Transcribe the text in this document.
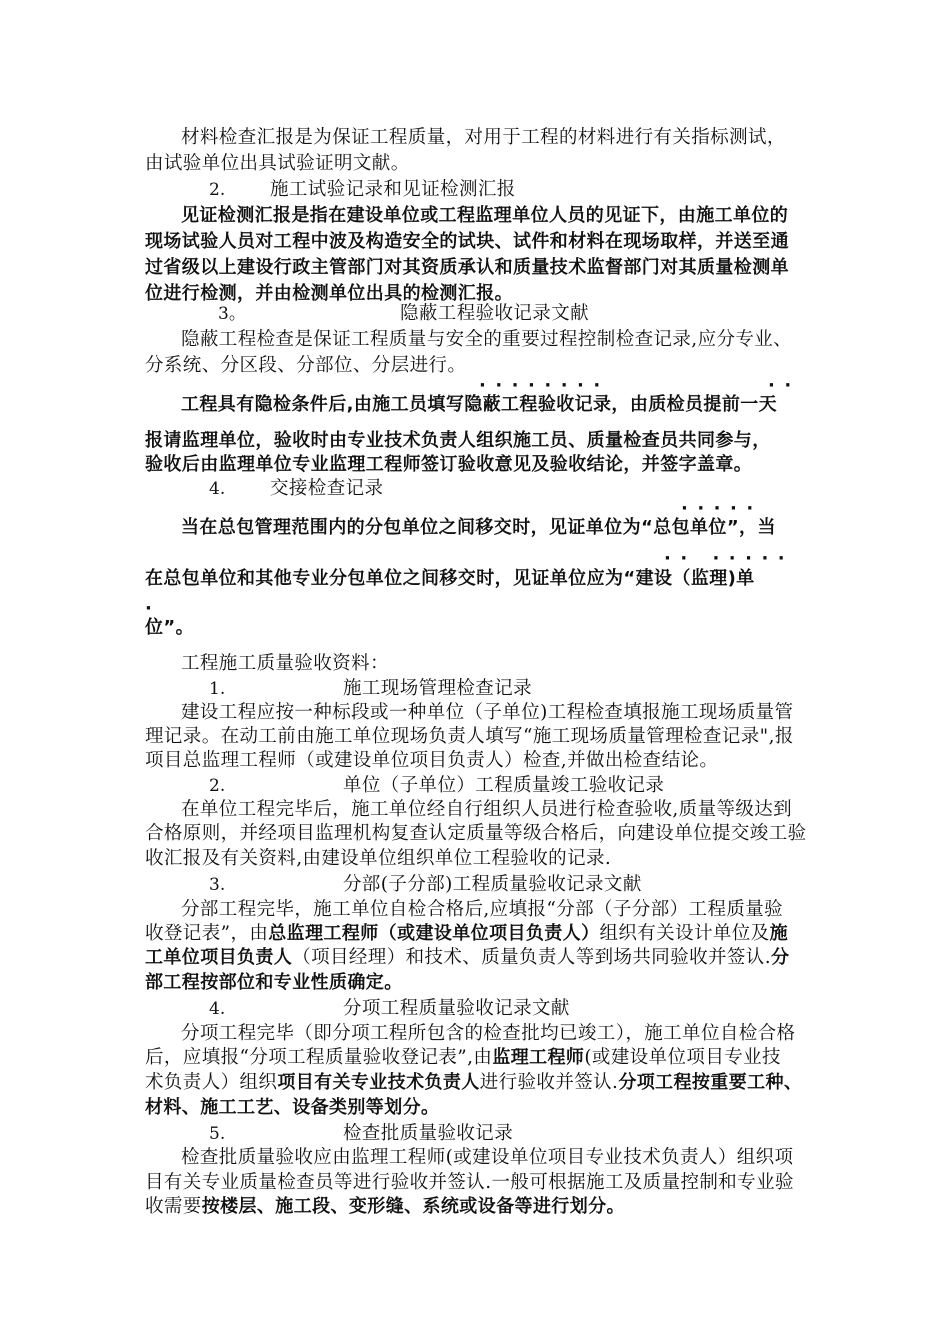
材料检查汇报是为保证工程质量，对用于工程的材料进行有关指标测试，
由试验单位出具试验证明文献。
2. 施工试验记录和见证检测汇报
见证检测汇报是指在建设单位或工程监理单位人员的见证下，由施工单位的
现场试验人员对工程中波及构造安全的试块、试件和材料在现场取样，并送至通
过省级以上建设行政主管部门对其资质承认和质量技术监督部门对其质量检测单
位进行检测，并由检测单位出具的检测汇报。
3。	隐蔽工程验收记录文献
隐蔽工程检查是保证工程质量与安全的重要过程控制检查记录,应分专业、
分系统、分区段、分部位、分层进行。
········	··
工程具有隐检条件后,由施工员填写隐蔽工程验收记录，由质检员提前一天
报请监理单位，验收时由专业技术负责人组织施工员、质量检查员共同参与，
验收后由监理单位专业监理工程师签订验收意见及验收结论，并签字盖章。
4. 交接检查记录
·····
当在总包管理范围内的分包单位之间移交时，见证单位为“总包单位”，当
·· ·····
在总包单位和其他专业分包单位之间移交时，见证单位应为“建设（监理)单
·
位”。
工程施工质量验收资料：
1.	施工现场管理检查记录
建设工程应按一种标段或一种单位（子单位)工程检查填报施工现场质量管
理记录。在动工前由施工单位现场负责人填写“施工现场质量管理检查记录",报
项目总监理工程师（或建设单位项目负责人）检查,并做出检查结论。
2.	单位（子单位）工程质量竣工验收记录
在单位工程完毕后，施工单位经自行组织人员进行检查验收,质量等级达到
合格原则，并经项目监理机构复查认定质量等级合格后，向建设单位提交竣工验
收汇报及有关资料,由建设单位组织单位工程验收的记录.
3.	分部(子分部)工程质量验收记录文献
分部工程完毕，施工单位自检合格后,应填报“分部（子分部）工程质量验
收登记表”，由总监理工程师（或建设单位项目负责人）组织有关设计单位及施
工单位项目负责人（项目经理）和技术、质量负责人等到场共同验收并签认.分
部工程按部位和专业性质确定。
4.	分项工程质量验收记录文献
分项工程完毕（即分项工程所包含的检查批均已竣工），施工单位自检合格
后，应填报“分项工程质量验收登记表”,由监理工程师(或建设单位项目专业技
术负责人）组织项目有关专业技术负责人进行验收并签认.分项工程按重要工种、
材料、施工工艺、设备类别等划分。
5.	检查批质量验收记录
检查批质量验收应由监理工程师(或建设单位项目专业技术负责人）组织项
目有关专业质量检查员等进行验收并签认.一般可根据施工及质量控制和专业验
收需要按楼层、施工段、变形缝、系统或设备等进行划分。
